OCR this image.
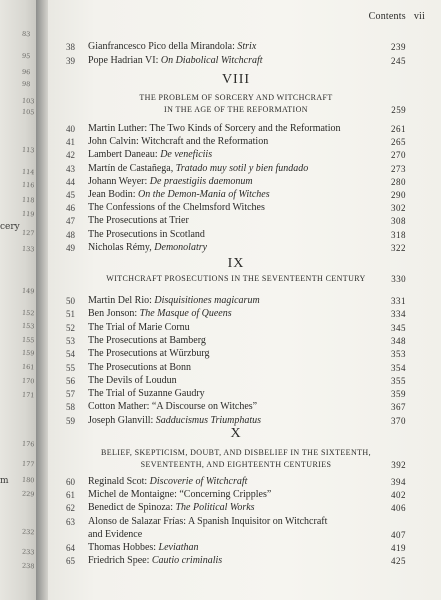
cery
m
83
95
96
98
103
105
113
114
116
118
119
127
133
149
152
153
155
159
161
170
171
176
177
180
229
232
233
238
Contents vii
VIII
THE PROBLEM OF SORCERY AND WITCHCRAFT
IN THE AGE OF THE REFORMATION	259
IX
WITCHCRAFT PROSECUTIONS IN THE SEVENTEENTH CENTURY	330
X
BELIEF, SKEPTICISM, DOUBT, AND DISBELIEF IN THE SIXTEENTH,
SEVENTEENTH, AND EIGHTEENTH CENTURIES	392
38	Gianfrancesco Pico della Mirandola: Strix	239
39	Pope Hadrian VI: On Diabolical Witchcraft	245
40	Martin Luther: The Two Kinds of Sorcery and the Reformation	261
41	John Calvin: Witchcraft and the Reformation	265
42	Lambert Daneau: De veneficiis	270
43	Martín de Castañega, Tratado muy sotil y bien fundado	273
44	Johann Weyer: De praestigiis daemonum	280
45	Jean Bodin: On the Demon-Mania of Witches	290
46	The Confessions of the Chelmsford Witches	302
47	The Prosecutions at Trier	308
48	The Prosecutions in Scotland	318
49	Nicholas Rémy, Demonolatry	322
50	Martin Del Rio: Disquisitiones magicarum	331
51	Ben Jonson: The Masque of Queens	334
52	The Trial of Marie Cornu	345
53	The Prosecutions at Bamberg	348
54	The Prosecutions at Würzburg	353
55	The Prosecutions at Bonn	354
56	The Devils of Loudun	355
57	The Trial of Suzanne Gaudry	359
58	Cotton Mather: “A Discourse on Witches”	367
59	Joseph Glanvill: Sadducismus Triumphatus	370
60	Reginald Scot: Discoverie of Witchcraft	394
61	Michel de Montaigne: “Concerning Cripples”	402
62	Benedict de Spinoza: The Political Works	406
63	Alonso de Salazar Frías: A Spanish Inquisitor on Witchcraft
and Evidence	407
64	Thomas Hobbes: Leviathan	419
65	Friedrich Spee: Cautio criminalis	425
